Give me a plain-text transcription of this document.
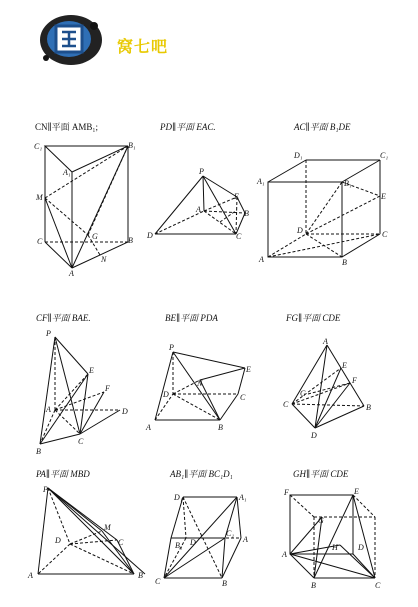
窝七吧
CN∥平面 AMB₁;	PD∥平面 EAC.	AC∥平面 B₁DE
CF∥平面 BAE.	BE∥平面 PDA	FG∥平面 CDE
PA∥平面 MBD	AB₁∥平面 BC₁D₁	GH∥平面 CDE
C₁	B₁
A₁
M
C
G	B
A
N
P
E
A	B
D	C
D₁	C₁
A₁	B₁
E
D	C
A	B
P
E
F
A	D
B
C
P
E
N
D	C
A	B
A
E
G
F
C	B
D
P
M
D	C
A	B
D₁	A₁
B₁
C₁
D	A
C	B
F	E
G
A
H	D
B	C
